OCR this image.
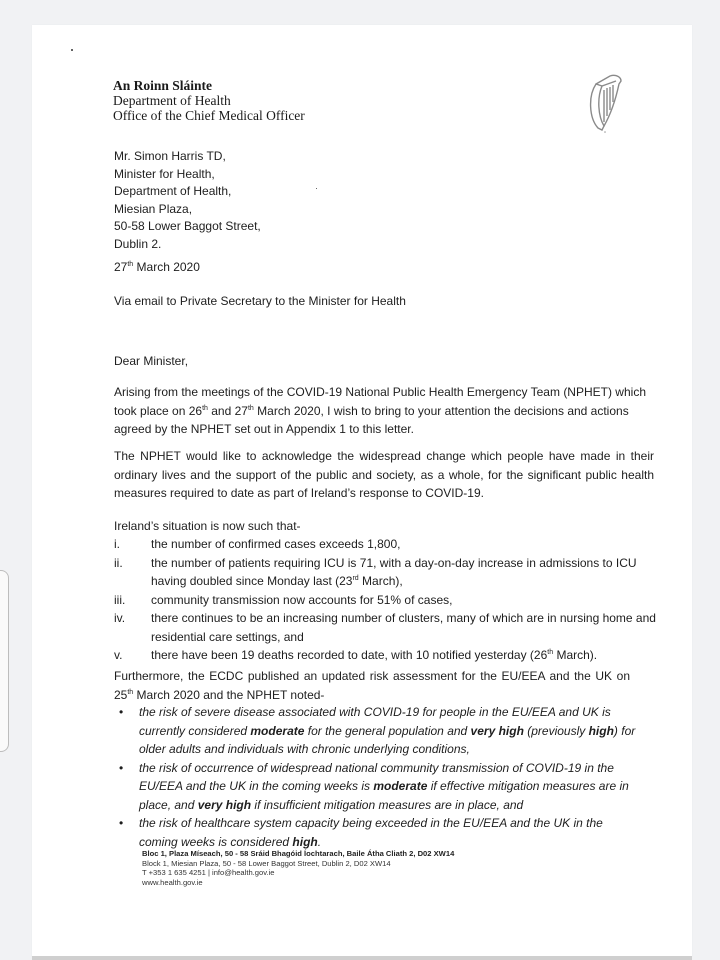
An Roinn Sláinte
Department of Health
Office of the Chief Medical Officer
Mr. Simon Harris TD,
Minister for Health,
Department of Health,
Miesian Plaza,
50-58 Lower Baggot Street,
Dublin 2.
27th March 2020
Via email to Private Secretary to the Minister for Health
Dear Minister,
Arising from the meetings of the COVID-19 National Public Health Emergency Team (NPHET) which took place on 26th and 27th March 2020, I wish to bring to your attention the decisions and actions agreed by the NPHET set out in Appendix 1 to this letter.
The NPHET would like to acknowledge the widespread change which people have made in their ordinary lives and the support of the public and society, as a whole, for the significant public health measures required to date as part of Ireland’s response to COVID-19.
Ireland’s situation is now such that-
i.	the number of confirmed cases exceeds 1,800,
ii. the number of patients requiring ICU is 71, with a day-on-day increase in admissions to ICU having doubled since Monday last (23rd March),
iii. community transmission now accounts for 51% of cases,
iv. there continues to be an increasing number of clusters, many of which are in nursing home and residential care settings, and
v. there have been 19 deaths recorded to date, with 10 notified yesterday (26th March).
Furthermore, the ECDC published an updated risk assessment for the EU/EEA and the UK on 25th March 2020 and the NPHET noted-
• the risk of severe disease associated with COVID-19 for people in the EU/EEA and UK is currently considered moderate for the general population and very high (previously high) for older adults and individuals with chronic underlying conditions,
• the risk of occurrence of widespread national community transmission of COVID-19 in the EU/EEA and the UK in the coming weeks is moderate if effective mitigation measures are in place, and very high if insufficient mitigation measures are in place, and
• the risk of healthcare system capacity being exceeded in the EU/EEA and the UK in the coming weeks is considered high.
Bloc 1, Plaza Míseach, 50 - 58 Sráid Bhagóid Íochtarach, Baile Átha Cliath 2, D02 XW14
Block 1, Miesian Plaza, 50 - 58 Lower Baggot Street, Dublin 2, D02 XW14
T +353 1 635 4251 | info@health.gov.ie
www.health.gov.ie
